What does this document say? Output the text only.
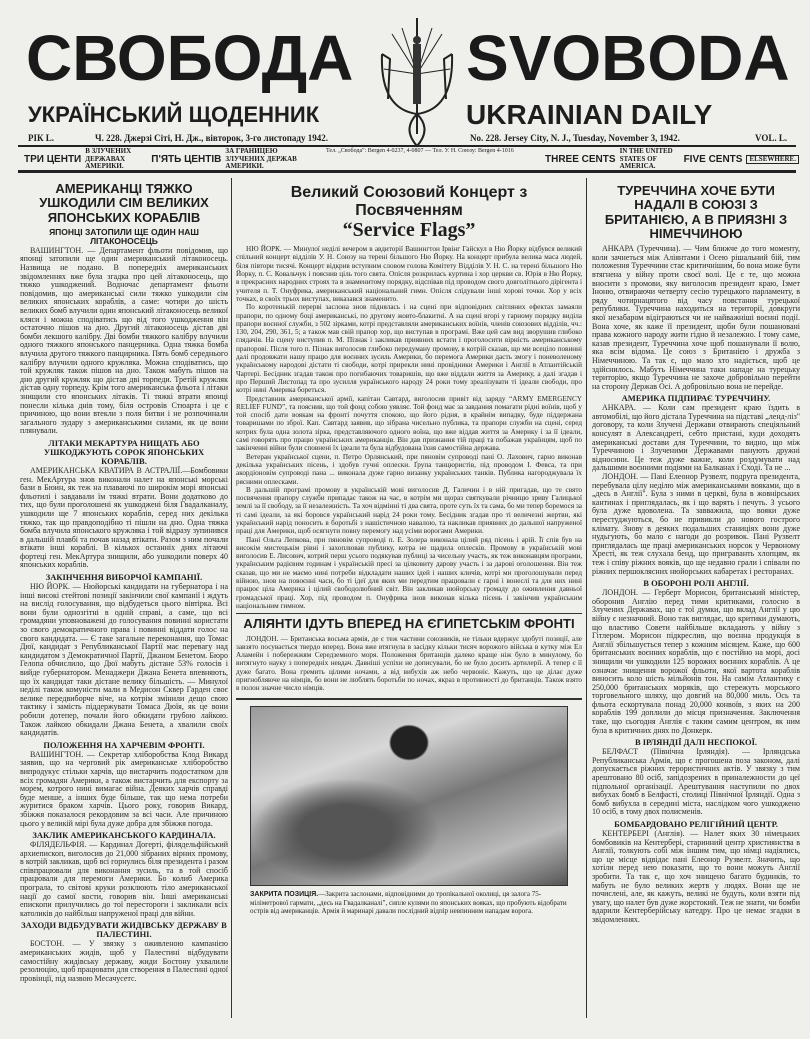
СВОБОДА SVOBODA
УКРАЇНСЬКИЙ ЩОДЕННИК	UKRAINIAN DAILY
РІК L.	Ч. 228. Джерзі Сіті, Н. Дж., вівторок, 3-го листопаду 1942.	No. 228. Jersey City, N. J., Tuesday, November 3, 1942.	VOL. L.
ТРИ ЦЕНТИ
В ЗЛУЧЕНИХ ДЕРЖАВАХ АМЕРИКИ.
П'ЯТЬ ЦЕНТІВ
ЗА ГРАНИЦЕЮ ЗЛУЧЕНИХ ДЕРЖАВ АМЕРИКИ.
Тел. „Свобода": Bergen 4-0237, 4-0807 — Тел. У. Н. Союзу: Bergen 4-1016
THREE CENTS
IN THE UNITED STATES OF AMERICA.
FIVE CENTS	ELSEWHERE.
АМЕРИКАНЦІ ТЯЖКО УШКОДИЛИ СІМ ВЕЛИКИХ ЯПОНСЬКИХ КОРАБЛІВ
ЯПОНЦІ ЗАТОПИЛИ ЩЕ ОДИН НАШ ЛІТАКОНОСЕЦЬ

ВАШИНГТОН. — Департамент фльоти повідомив, що японці затопили ще один американський літаконосець. Назвища не подано. В попередніх американських звідомленнях вже була згадка про цей літаконосець, що тяжко ушкоджений. Водночас департамент фльоти повідомив, що американські сили тяжко ушкодили сім великих японських кораблів, а саме: чотири до шість великих бомб влучили один японський літаконосець великої кляси і можна сподіватись що від того ушкодження він остаточно пішов на дно. Другий літаконосець дістав дві бомби лекшого калібру. Дві бомби тяжкого калібру влучили одного тяжкого японського панцерника. Одна тяжка бомба влучила другого тяжкого панцирника. Пять бомб середнього калібру влучили одного кружляка. Можна сподіватись, що той кружляк також пішов на дно. Також мабуть пішов на дно другий кружляк що дістав дві торпеди. Третій кружляк дістав одну торпеду. Крім того американська фльота і літаки знищили сто японських літаків. Ті тяжкі втрати японці понесли кілька днів тому, біля островів Стюарта і це є причиною, що вони втекли з поля битви і не розпочинали загального зудару з американськими силами, як це вони плянували.

ЛІТАКИ МЕКАРТУРА НИЩАТЬ АБО УШКОДЖУЮТЬ СОРОК ЯПОНСЬКИХ КОРАБЛІВ.

АМЕРИКАНСЬКА КВАТИРА В АСТРАЛІЇ.—Бомбовики ген. МекАртура знов виконали налет на японські морські бази в Бюин, як теж на плаваючі по широкім морі японські фльотилі і завдавали їм тяжкі втрати. Вони додатково до тих, що були проголошені як ушкоджені біля Гвадалканалу, ушкодили ще 7 японських кораблів, серед них декілька тяжко, так що правдоподібно ті пішли на дно. Одна тяжка бомба влучила японського кружляка і той відразу зупинився в дальшій плавбі та почав назад втікати. Разом з ним почали втікати інші кораблі. В кількох останніх днях літаючі фортеці ген. МекАртура знищили, або ушкодили поверх 40 японських кораблів.

ЗАКІНЧЕННЯ ВИБОРЧОЇ КАМПАНІЇ.

НЮ ЙОРК. — Нюйорські кандидати на губернатора і на інші високі стейтові позиції закінчили свої кампанії і ждуть на вислід голосування, що відбудеться цього вівтірка. Всі вони були однозгітні в одній справі, а саме, що всі громадяни уповноважені до голосування повинні користати зо свого демократичного права і повинні віддати голос на свого кандидата. — Є таке загальне переконання, що Томас Дюї, кандидат з Републиканської Партії має перевагу над кандидатом з Демократичної Партії, Джаном Бенетом. Бюро Гелопа обчислило, що Дюї мабуть дістане 53% голосів і вийде губернатором. Менаджери Джана Бенета впевняють, що їх кандидат таки дістане велику більшість. — Минулої неділі також комуністи мали в Медисон Сквер Гарден своє велике передвиборче віче, на котрім змінили дещо свою тактику і замість піддержувати Томаса Дюїя, як це вони робили дотепер, почали його обкидати грубою лайкою. Також лайкою обкидали Джана Бенета, а хвалили своїх кандидатів.

ПОЛОЖЕННЯ НА ХАРЧЕВІМ ФРОНТІ.

ВАШИНГТОН. — Секретар хліборобства Клод Викард заявив, що на черговий рік американське хліборобство випродукує стільки харчів, що вистарчить подостатком для всіх громадян Америки, а також вистарчить для експорту за морем, котрого нині вимагає війна. Деяких харчів справді буде менше, а інших буде більше, так що нема потреби журитися браком харчів. Цього року, говорив Викард, збіжжя показалося рекордовим за всі часи. Але причиною цього у великій мірі була дуже добра для збіжжя погода.

ЗАКЛИК АМЕРИКАНСЬКОГО КАРДИНАЛА.

ФІЛЯДЕЛЬФІЯ. — Кардинал Догерті, філядельфійський архиепископ, виголосив до 21,000 зібраних вірних промову, в котрій закликав, щоб всі горнулись біля президента і разом співпрацювали для виконання зусиль, та в той спосіб працювали для перемоги Америки. Бо колиб Америка програла, то світові круки розклюють тіло американської нації до самої кости, говорив він. Інші американські епископи прилучились до тої перестороги і закликали всіх католиків до найбільш напруженої праці для війни.

ЗАХОДИ ВІДБУДУВАТИ ЖИДІВСЬКУ ДЕРЖАВУ В ПАЛЕСТИНІ.

БОСТОН. — У звязку з оживленою кампанією американських жидів, щоб у Палестині відбудувати самостійну жидівську державу, жиди Бостону ухвалили резолюцію, щоб працювати для створення в Палестині одної провінції, під назвою Месачусетс.

Великий Союзовий Концерт з Посвяченням
“Service Flags”

НЮ ЙОРК. — Минулої неділі вечером в авдиторії Вашингтон Ірвінг Гайскул в Ню Йорку відбувся великий спільний концерт відділів У. Н. Союзу на терені більшого Ню Йорку. На концерт прибула велика маса людей, біля півтори тисячі. Концерт відкрив вступним словом голова Комітету Відділів У. Н. С. на терені більшого Ню Йорку, п. С. Ковальчук і пояснив ціль того свята. Опісля розкрилась куртина і хор церкви св. Юрія в Ню Йорку, в прекрасних народних строях та в знаменитому порядку, відспівав під проводом свого довголітнього дірігента і учителя п. Т. Онуфрика, американський національний гимн. Опісля слідували інші хорові точки. Хор у всіх точках, в своїх трьох виступах, виказався знаменито.

По коротенькій перерві заслона знов піднялась і на сцені при відповідних світляних ефектах замаяли прапори, по одному боці американські, по другому жовто-блакитні. А на сцені вгорі у гарному порядку виділа прапори воєнної служби, з 502 зірками, котрі представляли американських воїнів, членів союзових відділів, чч.: 130, 204, 290, 361, 5; а також мав свій прапор хор, що виступав в програмі. Вже цей сам вид зворушив глибоко глядачів. На сцену виступив п. М. Пізнак і закликав приявних встати і проголосити вірність американському прапорові. Після того п. Пізнак виголосив глибоко передуману промову, в котрій сказав, що ми всеціло повинні далі продовжати нашу працю для воєнних зусиль Америки, бо перемога Америки дасть змогу і поневоленому українському народові дістати ті свободи, котрі прирекли нині провідники Америки і Англії в Атлантійській Чартері. Бесідник згадав також про погибаючих товаришів, що вже віддали життя за Америку, а далі згадав і про Перший Листопад та про зусилля українського народу 24 роки тому зреалізувати ті ідеали свободи, про котрі нині Америка бореться.

Представник американської армії, капітан Савтард, виголосив привіт від заряду “ARMY EMERGENCY RELIEF FUND”, та пояснив, що той фонд собою уявляє. Той фонд має за завдання помагати рідні воїнів, щоб у той спосіб дати воякам на фронті почуття спокою, що його рідня, в крайнім випадку, буде піддержана товаришами по зброї. Кап. Савтард заявив, що зібрана чисельно публика, та прапори служби на сцені, серед котрих була одна золота зірка, представляючого одного воїна, що вже віддав життя за Америку і за її ідеали, самі говорять про працю українських американців. Він дав признання тій праці та побажав українцям, щоб по закінченні війни були сповнені їх ідеали та була відбудована їхня самостійна держава.

Ветеран української сцени, п. Петро Орлянський, при пяновім супроводі пані О. Лахович, гарно виконав декілька українських пісень, і здобув гучні оплески. Ґрупа танцюристів, під проводом І. Февса, та при акордіоновім супроводі пана ... виконала дуже гарно визанку українських танків. Публика нагороджувала їх рясними оплесками.

В дальшій програмі промову в українській мові виголосив Д. Галичин і в ній пригадав, що те свято посвячення прапору служби припадає також на час, в котрім ми щораз святкували річницю зриву Галицької землі за її свободу, за її незалежність. Та хоч відмінні ті два свята, проте суть їх та сама, бо ми тепер боремося за ті самі ідеали, за які боровся український нарід 24 роки тому. Бесідник згадав про ті величезні жертви, які український нарід поносить в боротьбі з нашістичною навалою, та накликав приявних до дальшої напруженої праці для Америки, щоб осягнути повну перемогу над усіми ворогами Америки.

Пані Ольга Лепкова, при пяновім супроводі п. Е. Золера виконала цілий ряд пісень і арій. Її спів був на високім мистецькім рівні і захоплював публику, котра не щадила оплесків. Промову в українській мові виголосив Е. Лисович, котрий перш усього подякував публиці за чисельну участь, як теж виконавцям програми, українським радієвим годинам і українській пресі за цілковиту дарову участь і за дарові оголошення. Він теж сказав, що ми не маємо нині потреби відкладати наших ідей і наших кличів, котрі ми проголошували перед війною, знов на повоєнні часи, бо ті ідеї для яких ми передтим працювали є гарні і вонеслі та для них нині працює ціла Америка і цілий свободолюбний світ. Він закликав нюйорську громаду до оживлення давньої громадської праці. Хор, під проводом п. Онуфрика знов виконав кілька пісень і закінчив українським національним гимном.

АЛІЯНТИ ІДУТЬ ВПЕРЕД НА ЄГИПЕТСЬКІМ ФРОНТІ

ЛОНДОН. — Британська восьма армія, де є теж частини союзників, не тільки вдержує здобуті позиції, але завзято посувається твердо вперед. Вона вже втягнула в засідку кільки тисяч ворожого війська в кутку між Ел Аламейн і побережжям Середземного моря. Положення британців далеко краще ніж було в минулому, бо витягнуто науку з попередніх невдач. Давніші успіхи не дописували, бо не було досить артилерії. А тепер є її дуже багато. Вона гремить цілими ночами, а від вибухів аж небо червоніє. Кажуть, що це ділає дуже пригнобляюче на німців, бо вони не люблять боротьби по ночах, якраз в противності до британців. Також взято в полон значне число німців.

ЗАКРИТА ПОЗИЦІЯ.—Закрита заслонами, відповідними до тропікальної околиці, ця залога 75-міліметрової гармати, „десь на Гвадалканалі", сипле кулями по японських вояках, що пробують відобрати острів від американців. Армія й маринарі давали послідний відпір невпинним нападам ворога.
ТУРЕЧЧИНА ХОЧЕ БУТИ НАДАЛІ В СОЮЗІ З БРИТАНІЄЮ, А В ПРИЯЗНІ З НІМЕЧЧИНОЮ

АНКАРА (Туреччина). — Чим ближче до того моменту, коли зачнеться між Аліянтами і Осею рішальний бій, тим положення Туреччини стає критичнішим, бо вона може бути втягнена у війну проти своєї волі. Це є те, що можна вносити з промови, яку виголосив президент краю, Ізмет Іноню, отвираючи четверту сесію турецького парламенту, в ряду чотирнацятого від часу повстання турецької републики. Туреччина находиться на території, довкруги якої незабаром відіграються чи не найважніші воєнні події. Вона хоче, як каже її президент, щоби були пошановані права кожного народу жити гідно й незалежно. І тому саме, казав президент, Туреччина хоче щоб пошанували її волю, яка всім відома. Це союз з Британією і дружба з Німеччиною. Та так є, що мало хто надіється, щоб це здійснилось. Мабуть Німеччина таки нападе на турецьку територію, якщо Туреччина не захоче добровільно перейти на сторону Держав Осі. А добровільно вона не перейде.

АМЕРИКА ПІДПИРАЄ ТУРЕЧЧИНУ.

АНКАРА. — Коли сам президент краю їздить в автомобілі, що його дістала Туреччина на підставі „ленд-ліз" договору, та коли Злучені Держави отвирають спеціяльний консулят в Александреті, себто пристані, куди доходять американські достави для Туреччини, то видно, що між Туреччиною і Злученими Державами панують дружні відносини. Це теж дуже важне, коли роздумувати над дальшими воєнними подіями на Балканах і Сході. Та не ...

ЛОНДОН. — Пані Елеонор Рузвелт, подруга президента, перебувала цілу неділю між американськими вояками, що в „десь в Англії". Була з ними в церкві, була в жовнірських кантинах і приглядалась, як і що варять і печуть. З усього була дуже вдоволена. Та завважила, що вояки дуже перестуджуються, бо не привикли до нового гострого клімату. Знову в деяких подальших станиціях вони дуже нудьгують, бо мало є нагоди до розривок. Пані Рузвелт приглядалась ще праці американських норсок у Червоному Хресті, як теж слухала бенд, що приграванть хлопцям, як теж і співу ріжних вояків, що ще недавно грали і співали по ріжних першоклясних нюйорських кабаретах і ресторанах.

В ОБОРОНІ РОЛІ АНГЛІЇ.

ЛОНДОН. — Герберт Морисон, британський міністер, оборонив Англію перед тими критиками, голосно в Злучених Державах, що є тої думки, що вклад Англії у цю війну є незначний. Воно так виглядає, що критики думають, що властиво Совети найбільше вкладають у війну з Гітлером. Морисон підкреслив, що воєнна продукція в Англії збільшується тепер з кожним місяцем. Каже, що 600 британських воєнних кораблів, що є постійно на морі, досі знищили чи ушкодили 125 ворожих воєнних кораблів. А це означає знищення ворожої фльоти, якої вартота кораблів виносить коло шість мільйонів тон. На самім Атлантику є 250,000 британських моряків, що стережуть морського торговельного шляху, що довгий на 80,000 миль. Ось та фльота ескортувала понад 20,000 конвоїв, з яких на 200 кораблів 199 доплили до місця призначення. Заключення таке, що сьогодня Англія є таким самим центром, як ним була в критичних днях по Донкерк.

В ІРЛЯНДІЇ ДАЛІ НЕСПОКОЇ.

БЕЛФАСТ (Північна Ірляндія). — Ірляндська Републиканська Армія, що є прогошена поза законом, далі допускається ріжних терористичних актів. У звязку з тим арештовано 80 осіб, запідозрених в приналежности до цеї підпольної організації. Арештування наступили по двох вибухах бомб в Белфасті, столиці Північної Ірляндії. Одна з бомб вибухла в середині міста, наслідком чого ушкоджено 10 осіб, в тому двох полисменів.

БОМБАРДОВАНО РЕЛІГІЙНИЙ ЦЕНТР.

КЕНТЕРБЕРІ (Англія). — Налет яких 30 німецьких бомбовиків на Кентербері, старинний центр християнства в Англії, толкують собі між іншим тим, що німці надіялись, що це місце відвідає пані Елеонор Рузвелт. Значить, що хотіли перед нею показати, що то вони можуть Англії зробити. Та так є, що хоч знищено багато будинків, то мабуть не було великих жертв у людях. Вони ще не почислені, але, як кажуть, великі не будуть, коли взяти під увагу, що налет був дуже жорстокий. Теж не знати, чи бомби вдарили Кентерберійську катедру. Про це немає згадки в звідомленнях.
